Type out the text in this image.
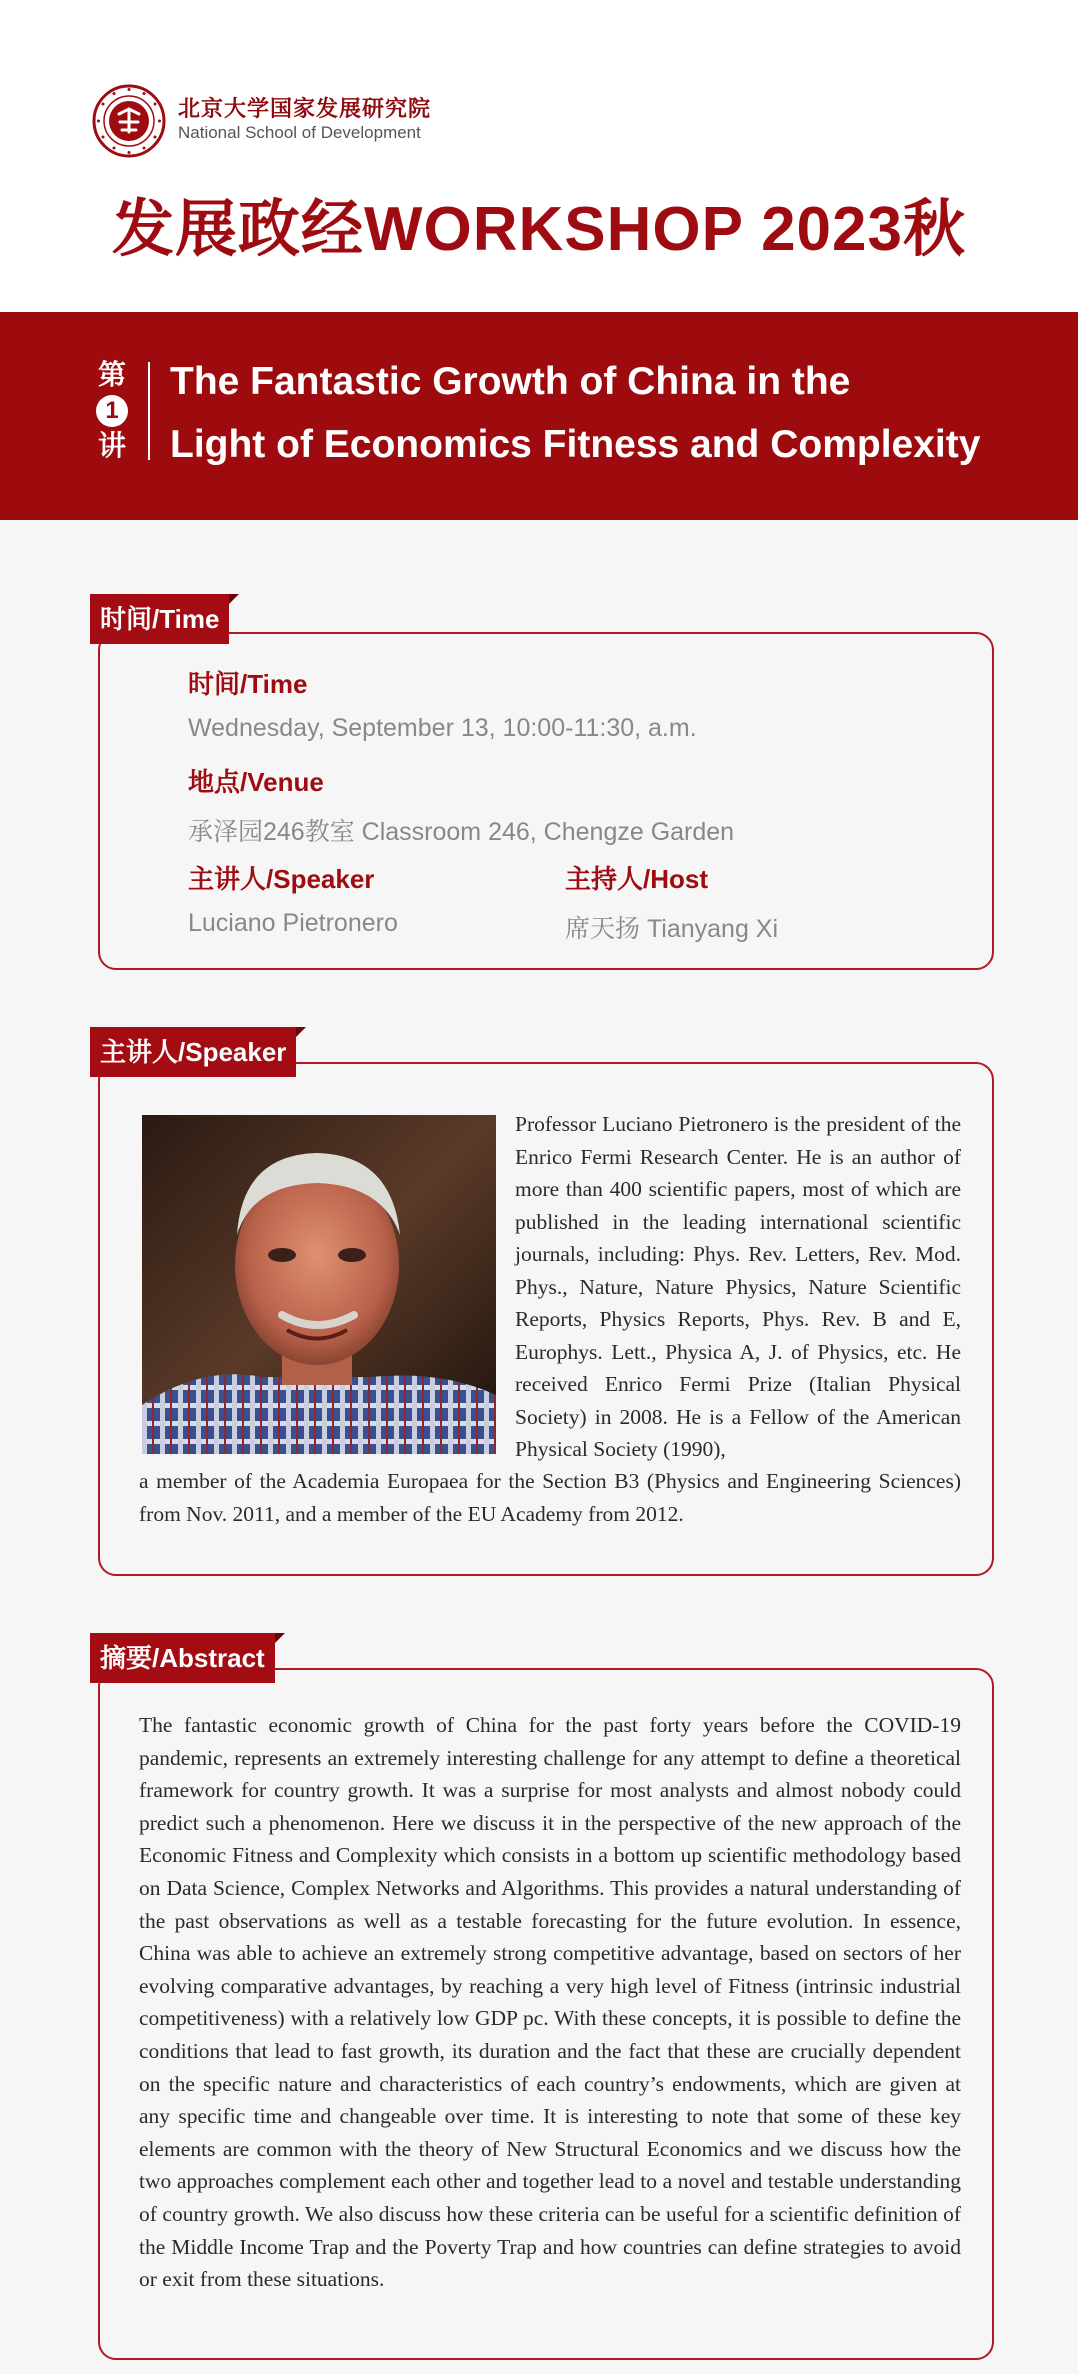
北京大学国家发展研究院
National School of Development
发展政经WORKSHOP 2023秋
第
1
讲
The Fantastic Growth of China in the
Light of Economics Fitness and Complexity
时间/Time
时间/Time
Wednesday, September 13, 10:00-11:30, a.m.
地点/Venue
承泽园246教室 Classroom 246, Chengze Garden
主讲人/Speaker
Luciano Pietronero
主持人/Host
席天扬 Tianyang Xi
主讲人/Speaker
Professor Luciano Pietronero is the president of the Enrico Fermi Research Center. He is an author of more than 400 scientific papers, most of which are published in the leading international scientific journals, including: Phys. Rev. Letters, Rev. Mod. Phys., Nature, Nature Physics, Nature Scientific Reports, Physics Reports, Phys. Rev. B and E, Europhys. Lett., Physica A, J. of Physics, etc. He received Enrico Fermi Prize (Italian Physical Society) in 2008. He is a Fellow of the American Physical Society (1990),
a member of the Academia Europaea for the Section B3 (Physics and Engineering Sciences) from Nov. 2011, and a member of the EU Academy from 2012.
摘要/Abstract
The fantastic economic growth of China for the past forty years before the COVID-19 pandemic, represents an extremely interesting challenge for any attempt to define a theoretical framework for country growth. It was a surprise for most analysts and almost nobody could predict such a phenomenon. Here we discuss it in the perspective of the new approach of the Economic Fitness and Complexity which consists in a bottom up scientific methodology based on Data Science, Complex Networks and Algorithms. This provides a natural understanding of the past observations as well as a testable forecasting for the future evolution. In essence, China was able to achieve an extremely strong competitive advantage, based on sectors of her evolving comparative advantages, by reaching a very high level of Fitness (intrinsic industrial competitiveness) with a relatively low GDP pc. With these concepts, it is possible to define the conditions that lead to fast growth, its duration and the fact that these are crucially dependent on the specific nature and characteristics of each country’s endowments, which are given at any specific time and changeable over time. It is interesting to note that some of these key elements are common with the theory of New Structural Economics and we discuss how the two approaches complement each other and together lead to a novel and testable understanding of country growth. We also discuss how these criteria can be useful for a scientific definition of the Middle Income Trap and the Poverty Trap and how countries can define strategies to avoid or exit from these situations.
